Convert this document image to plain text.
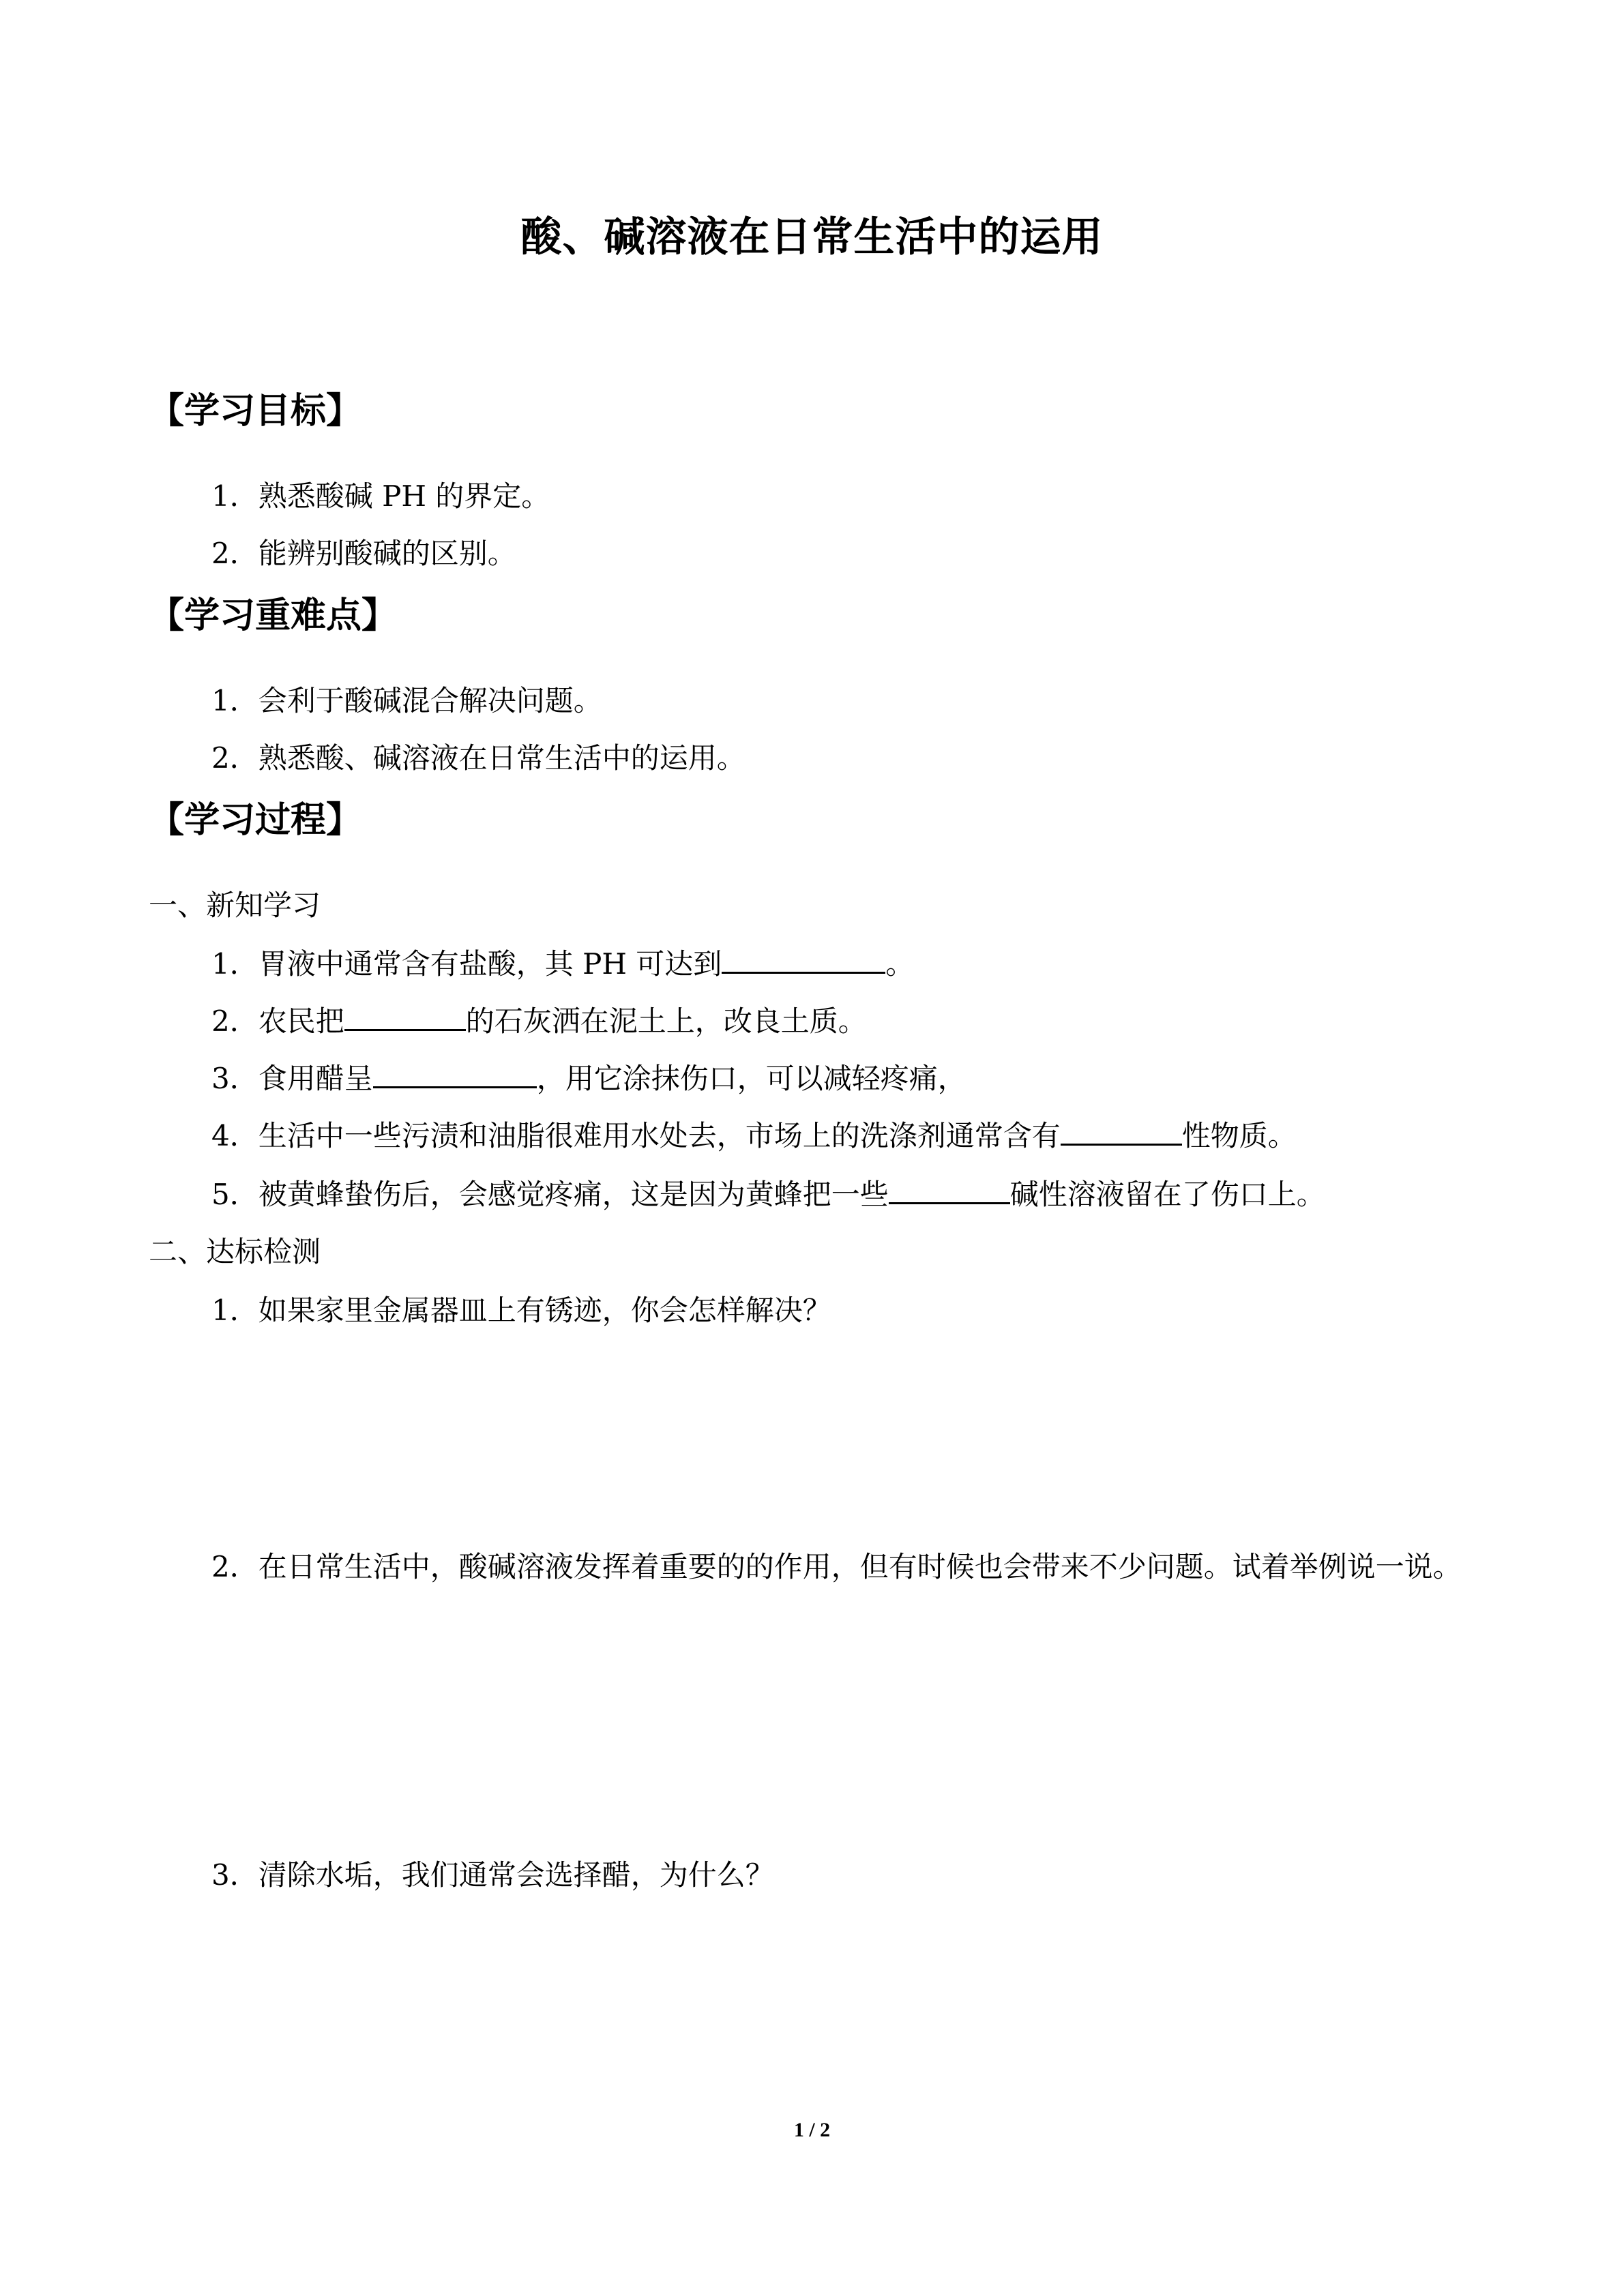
酸、碱溶液在日常生活中的运用
【学习目标】
1．熟悉酸碱 PH 的界定。
2．能辨别酸碱的区别。
【学习重难点】
1．会利于酸碱混合解决问题。
2．熟悉酸、碱溶液在日常生活中的运用。
【学习过程】
一、新知学习
1．胃液中通常含有盐酸，其 PH 可达到	。
2．农民把	的石灰洒在泥土上，改良土质。
3．食用醋呈	，用它涂抹伤口，可以减轻疼痛，
4．生活中一些污渍和油脂很难用水处去，市场上的洗涤剂通常含有	性物质。
5．被黄蜂蛰伤后，会感觉疼痛，这是因为黄蜂把一些	碱性溶液留在了伤口上。
二、达标检测
1．如果家里金属器皿上有锈迹，你会怎样解决？
2．在日常生活中，酸碱溶液发挥着重要的的作用，但有时候也会带来不少问题。试着举例说一说。
3．清除水垢，我们通常会选择醋，为什么？
1 / 2
